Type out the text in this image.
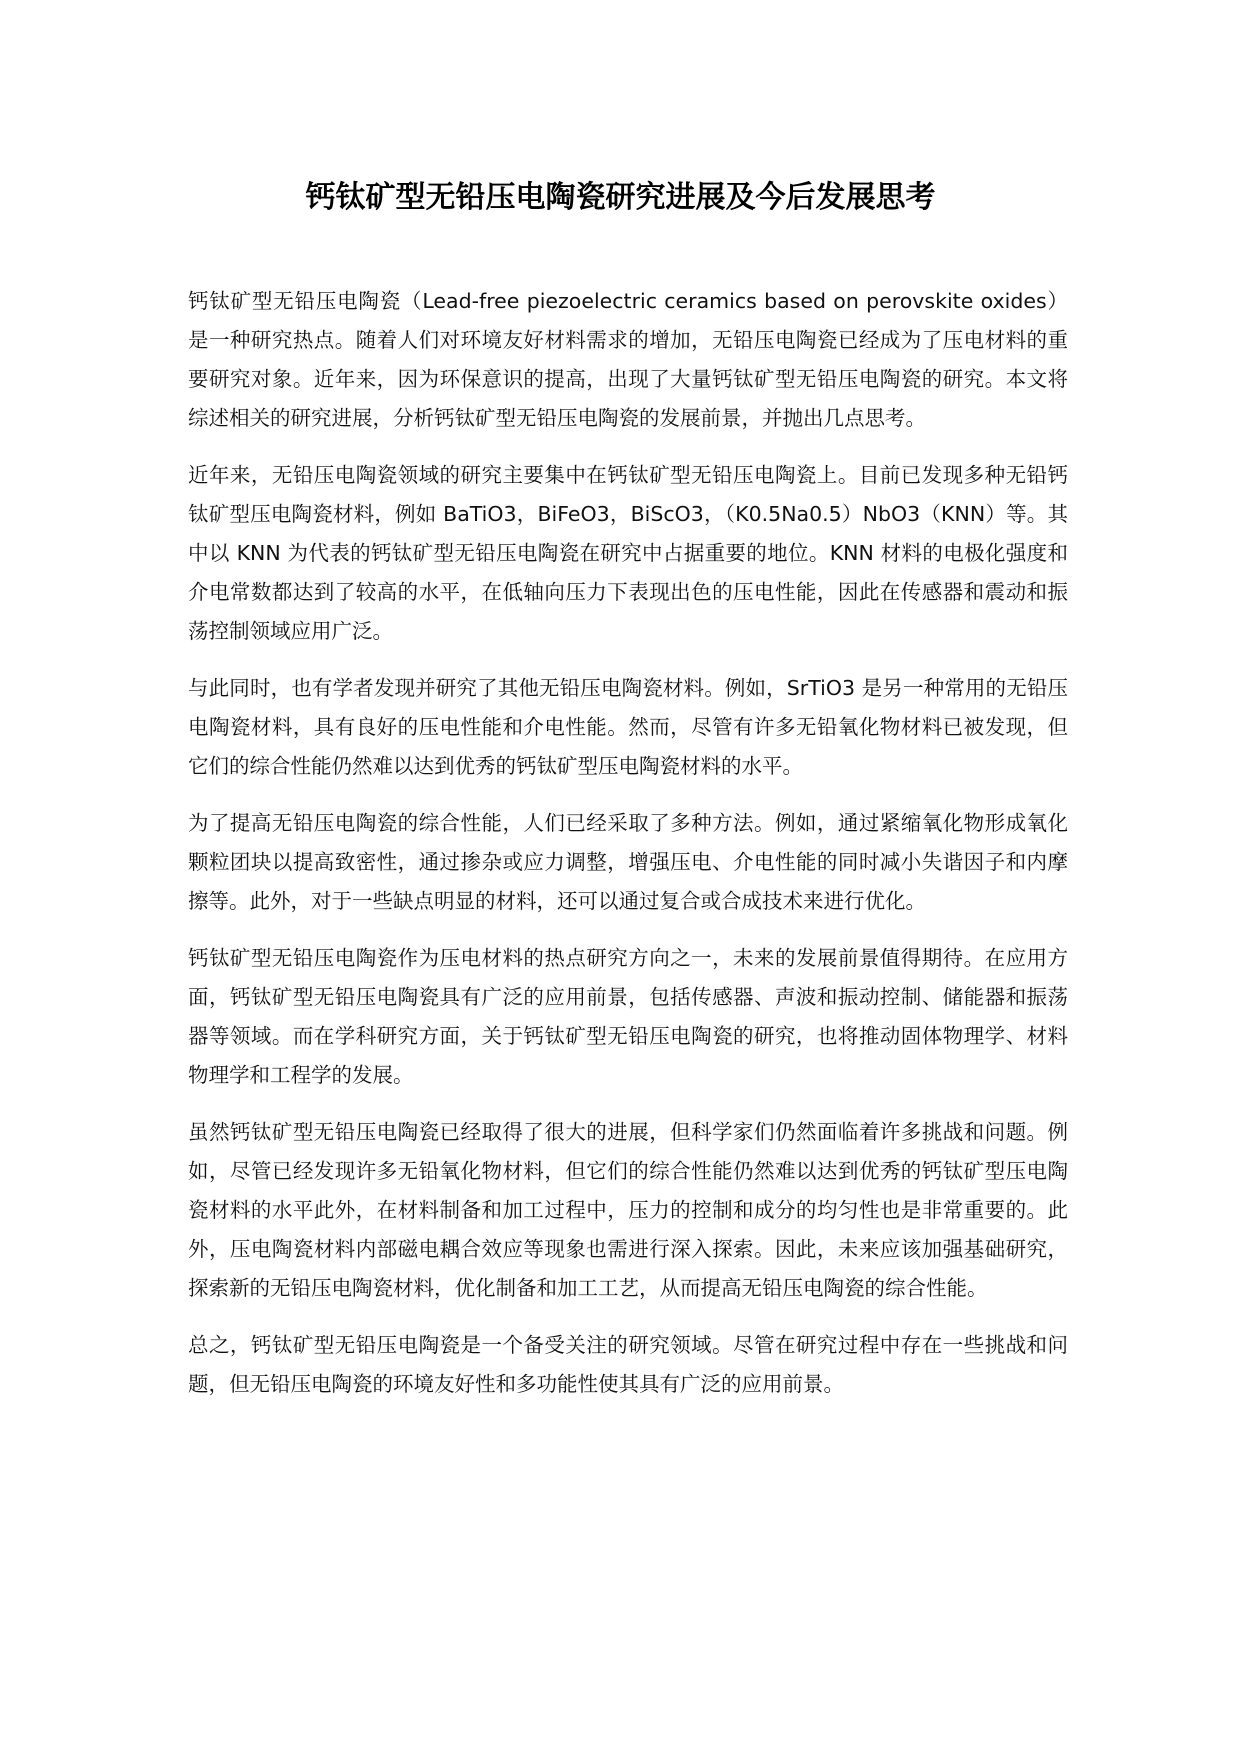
钙钛矿型无铅压电陶瓷研究进展及今后发展思考

钙钛矿型无铅压电陶瓷（Lead-free piezoelectric ceramics based on perovskite oxides）是一种研究热点。随着人们对环境友好材料需求的增加，无铅压电陶瓷已经成为了压电材料的重要研究对象。近年来，因为环保意识的提高，出现了大量钙钛矿型无铅压电陶瓷的研究。本文将综述相关的研究进展，分析钙钛矿型无铅压电陶瓷的发展前景，并抛出几点思考。

近年来，无铅压电陶瓷领域的研究主要集中在钙钛矿型无铅压电陶瓷上。目前已发现多种无铅钙钛矿型压电陶瓷材料，例如 BaTiO3，BiFeO3，BiScO3，（K0.5Na0.5）NbO3（KNN）等。其中以 KNN 为代表的钙钛矿型无铅压电陶瓷在研究中占据重要的地位。KNN 材料的电极化强度和介电常数都达到了较高的水平，在低轴向压力下表现出色的压电性能，因此在传感器和震动和振荡控制领域应用广泛。

与此同时，也有学者发现并研究了其他无铅压电陶瓷材料。例如，SrTiO3 是另一种常用的无铅压电陶瓷材料，具有良好的压电性能和介电性能。然而，尽管有许多无铅氧化物材料已被发现，但它们的综合性能仍然难以达到优秀的钙钛矿型压电陶瓷材料的水平。

为了提高无铅压电陶瓷的综合性能，人们已经采取了多种方法。例如，通过紧缩氧化物形成氧化颗粒团块以提高致密性，通过掺杂或应力调整，增强压电、介电性能的同时减小失谐因子和内摩擦等。此外，对于一些缺点明显的材料，还可以通过复合或合成技术来进行优化。

钙钛矿型无铅压电陶瓷作为压电材料的热点研究方向之一，未来的发展前景值得期待。在应用方面，钙钛矿型无铅压电陶瓷具有广泛的应用前景，包括传感器、声波和振动控制、储能器和振荡器等领域。而在学科研究方面，关于钙钛矿型无铅压电陶瓷的研究，也将推动固体物理学、材料物理学和工程学的发展。

虽然钙钛矿型无铅压电陶瓷已经取得了很大的进展，但科学家们仍然面临着许多挑战和问题。例如，尽管已经发现许多无铅氧化物材料，但它们的综合性能仍然难以达到优秀的钙钛矿型压电陶瓷材料的水平此外，在材料制备和加工过程中，压力的控制和成分的均匀性也是非常重要的。此外，压电陶瓷材料内部磁电耦合效应等现象也需进行深入探索。因此，未来应该加强基础研究，探索新的无铅压电陶瓷材料，优化制备和加工工艺，从而提高无铅压电陶瓷的综合性能。

总之，钙钛矿型无铅压电陶瓷是一个备受关注的研究领域。尽管在研究过程中存在一些挑战和问题，但无铅压电陶瓷的环境友好性和多功能性使其具有广泛的应用前景。
